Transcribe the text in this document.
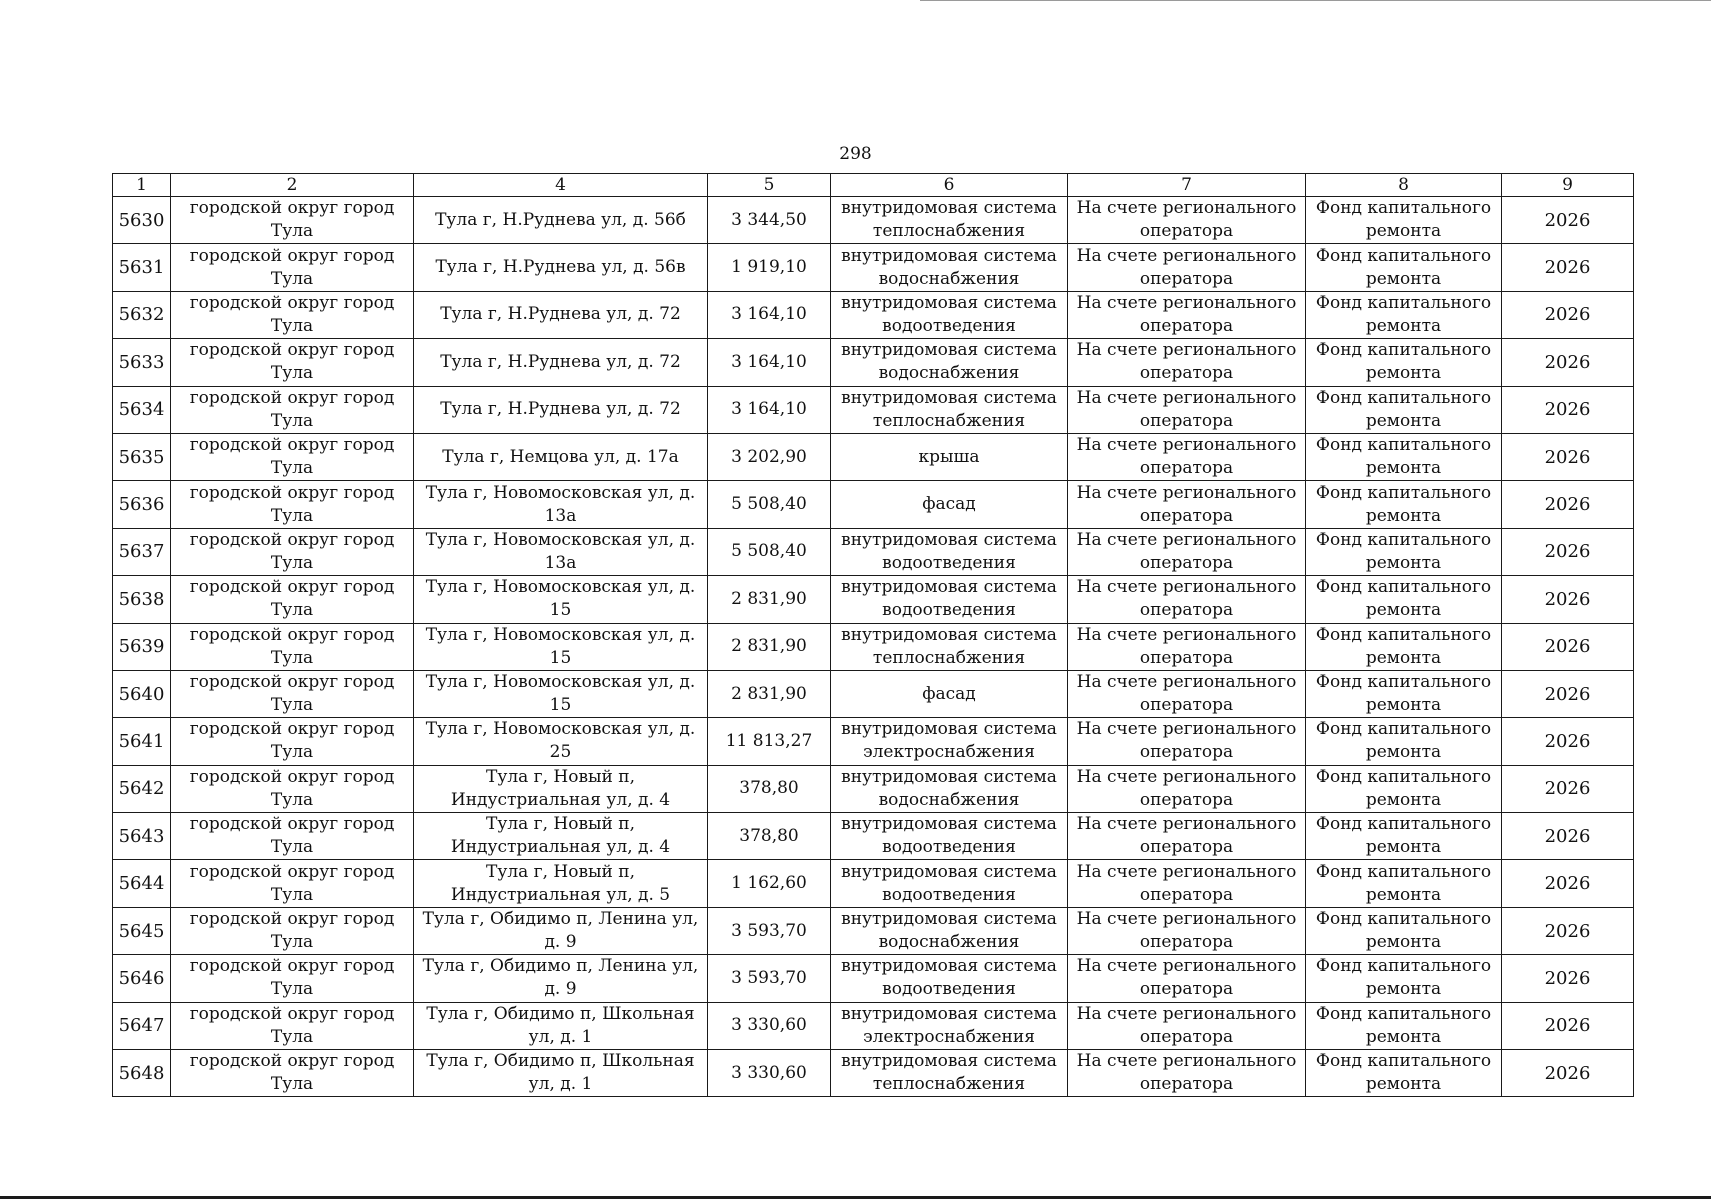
298
1	2	4	5	6	7	8	9
5630	городской округ город Тула	Тула г, Н.Руднева ул, д. 56б	3 344,50	внутридомовая система теплоснабжения	На счете регионального оператора	Фонд капитального ремонта	2026
5631	городской округ город Тула	Тула г, Н.Руднева ул, д. 56в	1 919,10	внутридомовая система водоснабжения	На счете регионального оператора	Фонд капитального ремонта	2026
5632	городской округ город Тула	Тула г, Н.Руднева ул, д. 72	3 164,10	внутридомовая система водоотведения	На счете регионального оператора	Фонд капитального ремонта	2026
5633	городской округ город Тула	Тула г, Н.Руднева ул, д. 72	3 164,10	внутридомовая система водоснабжения	На счете регионального оператора	Фонд капитального ремонта	2026
5634	городской округ город Тула	Тула г, Н.Руднева ул, д. 72	3 164,10	внутридомовая система теплоснабжения	На счете регионального оператора	Фонд капитального ремонта	2026
5635	городской округ город Тула	Тула г, Немцова ул, д. 17а	3 202,90	крыша	На счете регионального оператора	Фонд капитального ремонта	2026
5636	городской округ город Тула	Тула г, Новомосковская ул, д. 13а	5 508,40	фасад	На счете регионального оператора	Фонд капитального ремонта	2026
5637	городской округ город Тула	Тула г, Новомосковская ул, д. 13а	5 508,40	внутридомовая система водоотведения	На счете регионального оператора	Фонд капитального ремонта	2026
5638	городской округ город Тула	Тула г, Новомосковская ул, д. 15	2 831,90	внутридомовая система водоотведения	На счете регионального оператора	Фонд капитального ремонта	2026
5639	городской округ город Тула	Тула г, Новомосковская ул, д. 15	2 831,90	внутридомовая система теплоснабжения	На счете регионального оператора	Фонд капитального ремонта	2026
5640	городской округ город Тула	Тула г, Новомосковская ул, д. 15	2 831,90	фасад	На счете регионального оператора	Фонд капитального ремонта	2026
5641	городской округ город Тула	Тула г, Новомосковская ул, д. 25	11 813,27	внутридомовая система электроснабжения	На счете регионального оператора	Фонд капитального ремонта	2026
5642	городской округ город Тула	Тула г, Новый п, Индустриальная ул, д. 4	378,80	внутридомовая система водоснабжения	На счете регионального оператора	Фонд капитального ремонта	2026
5643	городской округ город Тула	Тула г, Новый п, Индустриальная ул, д. 4	378,80	внутридомовая система водоотведения	На счете регионального оператора	Фонд капитального ремонта	2026
5644	городской округ город Тула	Тула г, Новый п, Индустриальная ул, д. 5	1 162,60	внутридомовая система водоотведения	На счете регионального оператора	Фонд капитального ремонта	2026
5645	городской округ город Тула	Тула г, Обидимо п, Ленина ул, д. 9	3 593,70	внутридомовая система водоснабжения	На счете регионального оператора	Фонд капитального ремонта	2026
5646	городской округ город Тула	Тула г, Обидимо п, Ленина ул, д. 9	3 593,70	внутридомовая система водоотведения	На счете регионального оператора	Фонд капитального ремонта	2026
5647	городской округ город Тула	Тула г, Обидимо п, Школьная ул, д. 1	3 330,60	внутридомовая система электроснабжения	На счете регионального оператора	Фонд капитального ремонта	2026
5648	городской округ город Тула	Тула г, Обидимо п, Школьная ул, д. 1	3 330,60	внутридомовая система теплоснабжения	На счете регионального оператора	Фонд капитального ремонта	2026
